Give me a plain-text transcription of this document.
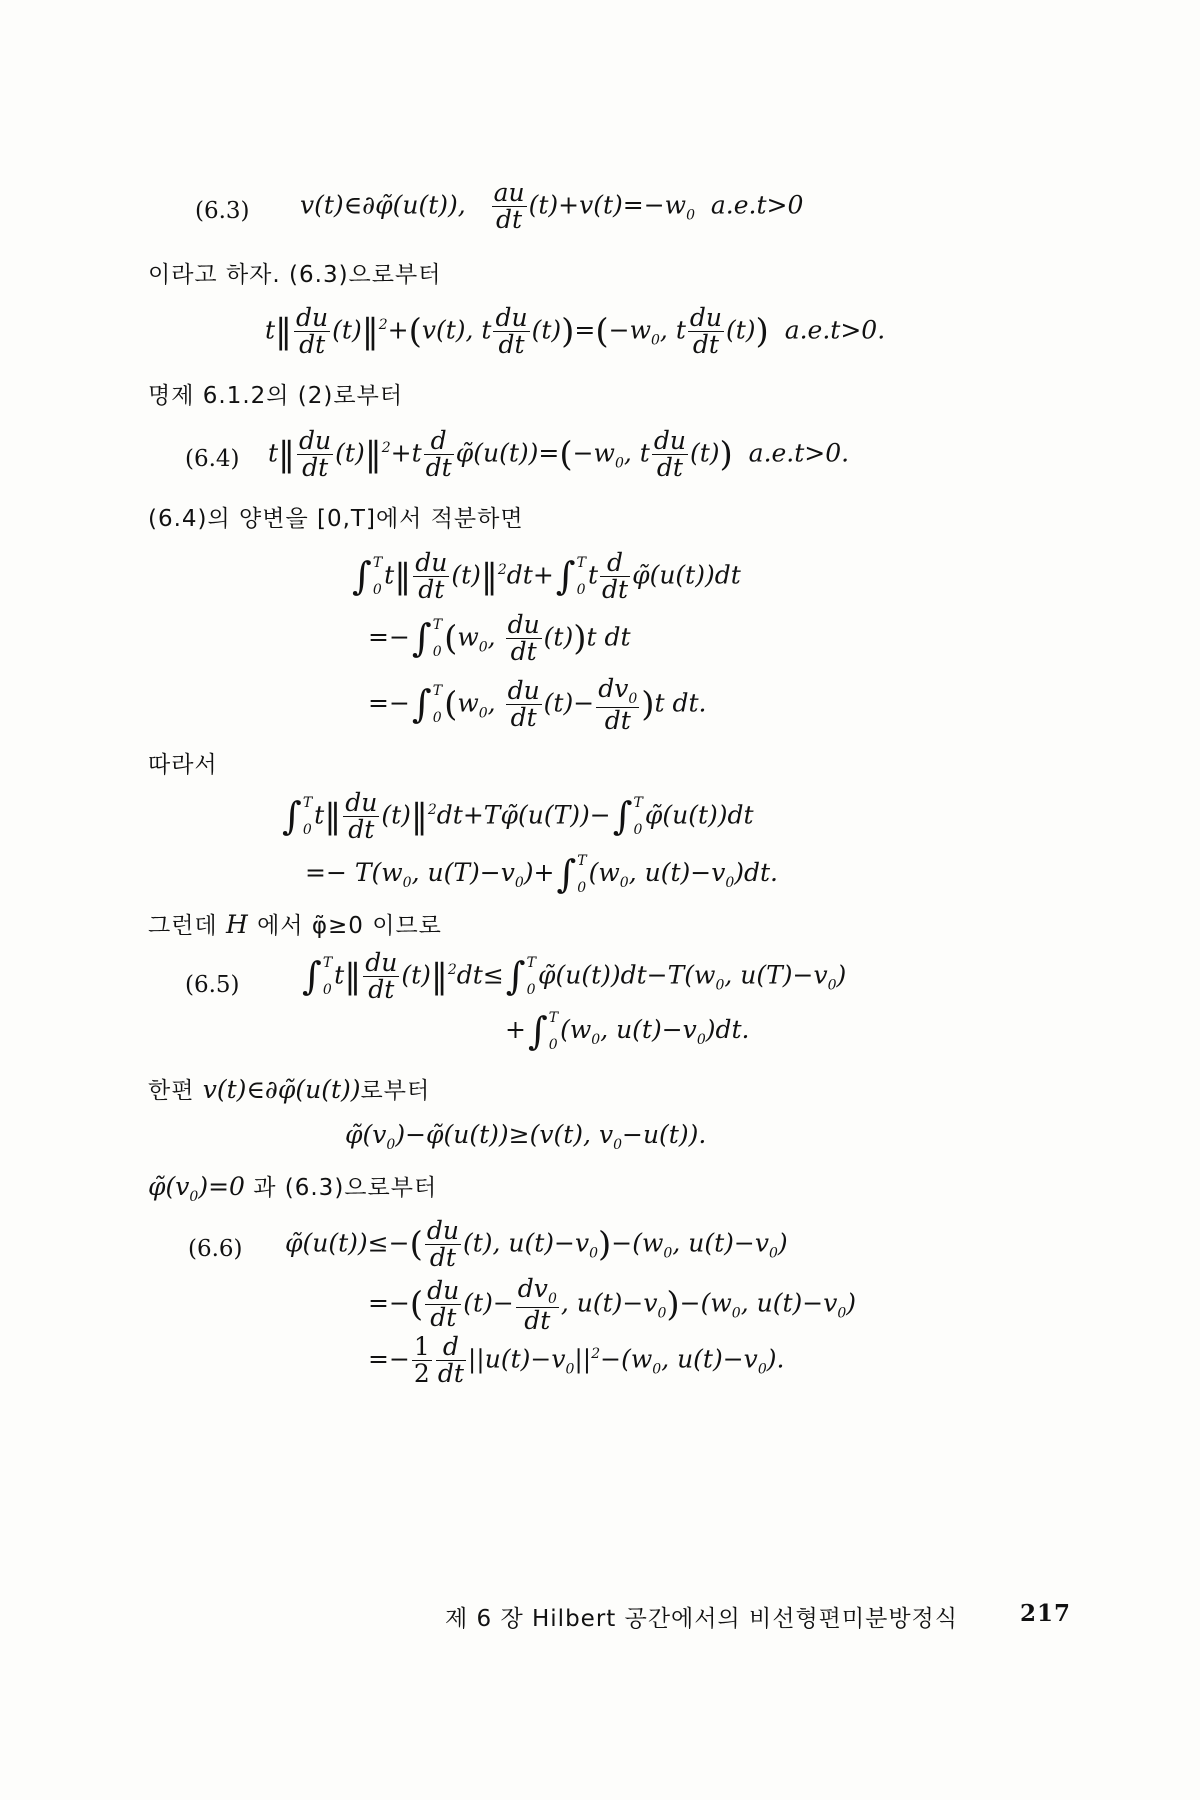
(6.3) v(t)∈∂φ̃(u(t)), $\frac{au}{dt} (t)+v(t)=-w_0$  a.e.t>0
이라고 하자. (6.3)으로부터
t‖ $\frac{du}{dt}$ (t)‖$^2$+(v(t), t $\frac{du}{dt} (t))=(-w_0$, t $\frac{du}{dt} (t)$)  a.e.t>0.
명제 6.1.2의 (2)로부터
(6.4) t‖ $\frac{du}{dt}$ (t)‖$^2$+t $\frac{d}{dt}$ $\varphĩ(u(t))=(-w_0$, t $\frac{du}{dt} (t)$)  a.e.t>0.
(6.4)의 양변을 [0,T]에서 적분하면
∫ T
0
t‖ $\frac{du}{dt}$ (t)‖$^2$dt+∫ T
0
t $\frac{d}{dt}$ φ̃(u(t))dt
=−∫ T
0 ($w_0$, $\frac{du}{dt} (t))t$ dt
=−∫ T
0 ($w_0$, $\frac{du}{dt} (t)- \frac{dv_0}{dt} )t$ dt.
따라서
∫ T
0
t‖ $\frac{du}{dt}$ (t)‖$^2$dt+Tφ̃(u(T))−∫ T
0
φ̃(u(t))dt
=− $T(w_0$, $u(T)-v_0)+\int$ T
0
($w_0$, $u(t)-v_0)dt$.
그런데 H 에서 φ̃≥0 이므로
(6.5) ∫ T
0
t‖ $\frac{du}{dt}$ (t)‖$^2$dt≤∫ T
0
$\varphĩ(u(t))dt-T(w_0$, $u(T)-v_0$)
+∫ T
0
($w_0$, $u(t)-v_0)dt$.
한편 v(t)∈∂φ̃(u(t))로부터
$\varphĩ(v_0)-\varphĩ(u(t))\ge(v(t)$, $v_0-u(t)$).
$\varphĩ(v_0)=0$ 과 (6.3)으로부터
(6.6) φ̃(u(t))≤−( $\frac{du}{dt} (t)$, $u(t)-v_0)-(w_0$, $u(t)-v_0$)
=−( $\frac{du}{dt} (t)- \frac{dv_0}{dt}$ , $u(t)-v_0)-(w_0$, $u(t)-v_0$)
=− $\frac{1}{2} \frac{d}{dt} ||u(t)-v_0||^2-(w_0$, $u(t)-v_0$).
제 6 장 Hilbert 공간에서의 비선형편미분방정식	217
